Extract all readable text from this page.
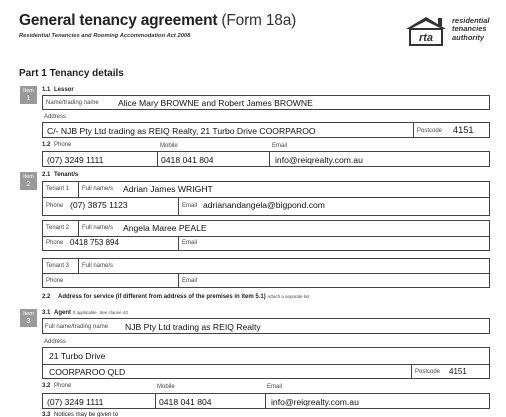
General tenancy agreement (Form 18a)
Residential Tenancies and Rooming Accommodation Act 2008	rta
residential
tenancies
authority
Part 1 Tenancy details
Item
1
1.1 Lessor
Name/trading name Alice Mary BROWNE and Robert James BROWNE
Address
C/- NJB Pty Ltd trading as REIQ Realty, 21 Turbo Drive COORPAROO	Postcode 4151
1.2 Phone	Mobile	Email
(07) 3249 1111	0418 041 804	info@reiqrealty.com.au
Item
2
2.1 Tenant/s
Tenant 1 Full name/s Adrian James WRIGHT
Phone (07) 3875 1123	Email adrianandangela@bigpond.com
Tenant 2 Full name/s Angela Maree PEALE
Phone 0418 753 894	Email
Tenant 3 Full name/s
Phone	Email
2.2 Address for service (if different from address of the premises in item 5.1) Attach a separate list
Item
3
3.1 Agent If applicable. See clause 43
Full name/trading name NJB Pty Ltd trading as REIQ Realty
Address
21 Turbo Drive
COORPAROO QLD	Postcode 4151
3.2 Phone	Mobile	Email
(07) 3249 1111	0418 041 804	info@reiqrealty.com.au
3.3 Notices may be given to
